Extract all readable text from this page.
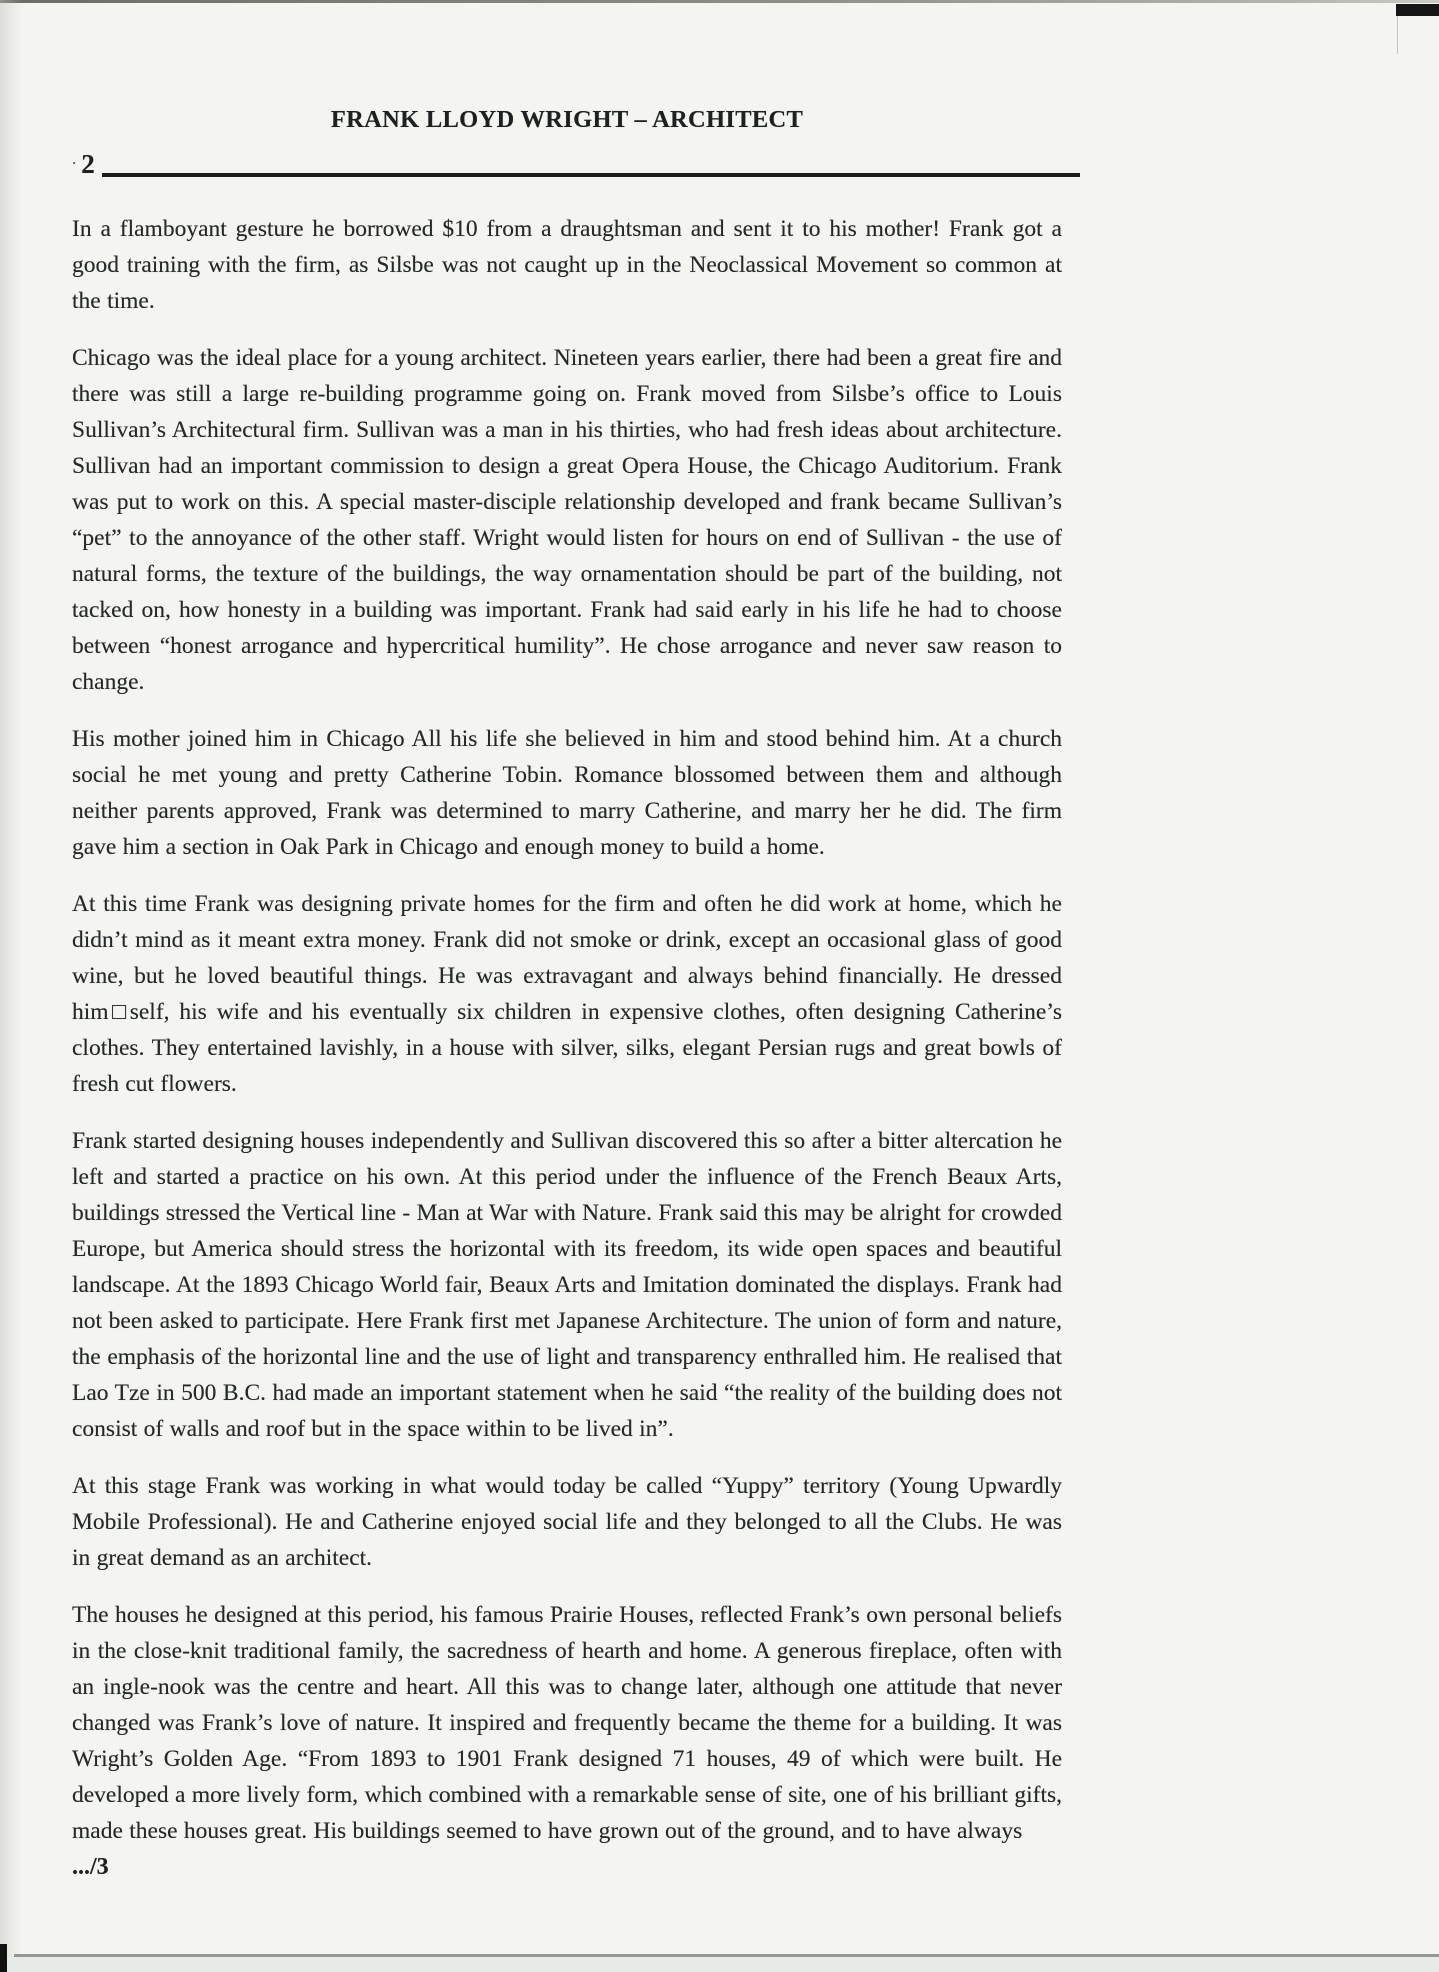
FRANK LLOYD WRIGHT – ARCHITECT
. 2

In a flamboyant gesture he borrowed $10 from a draughtsman and sent it to his mother! Frank got a good training with the firm, as Silsbe was not caught up in the Neoclassical Movement so common at the time.

Chicago was the ideal place for a young architect. Nineteen years earlier, there had been a great fire and there was still a large re-building programme going on. Frank moved from Silsbe’s office to Louis Sullivan’s Architectural firm. Sullivan was a man in his thirties, who had fresh ideas about architecture. Sullivan had an important commission to design a great Opera House, the Chicago Auditorium. Frank was put to work on this. A special master-disciple relationship developed and frank became Sullivan’s “pet” to the annoyance of the other staff. Wright would listen for hours on end of Sullivan - the use of natural forms, the texture of the buildings, the way ornamentation should be part of the building, not tacked on, how honesty in a building was important. Frank had said early in his life he had to choose between “honest arrogance and hypercritical humility”. He chose arrogance and never saw reason to change.

His mother joined him in Chicago All his life she believed in him and stood behind him. At a church social he met young and pretty Catherine Tobin. Romance blossomed between them and although neither parents approved, Frank was determined to marry Catherine, and marry her he did. The firm gave him a section in Oak Park in Chicago and enough money to build a home.

At this time Frank was designing private homes for the firm and often he did work at home, which he didn’t mind as it meant extra money. Frank did not smoke or drink, except an occasional glass of good wine, but he loved beautiful things. He was extravagant and always behind financially. He dressed him□self, his wife and his eventually six children in expensive clothes, often designing Catherine’s clothes. They entertained lavishly, in a house with silver, silks, elegant Persian rugs and great bowls of fresh cut flowers.

Frank started designing houses independently and Sullivan discovered this so after a bitter altercation he left and started a practice on his own. At this period under the influence of the French Beaux Arts, buildings stressed the Vertical line - Man at War with Nature. Frank said this may be alright for crowded Europe, but America should stress the horizontal with its freedom, its wide open spaces and beautiful landscape. At the 1893 Chicago World fair, Beaux Arts and Imitation dominated the displays. Frank had not been asked to participate. Here Frank first met Japanese Architecture. The union of form and nature, the emphasis of the horizontal line and the use of light and transparency enthralled him. He realised that Lao Tze in 500 B.C. had made an important statement when he said “the reality of the building does not consist of walls and roof but in the space within to be lived in”.

At this stage Frank was working in what would today be called “Yuppy” territory (Young Upwardly Mobile Professional). He and Catherine enjoyed social life and they belonged to all the Clubs. He was in great demand as an architect.

The houses he designed at this period, his famous Prairie Houses, reflected Frank’s own personal beliefs in the close-knit traditional family, the sacredness of hearth and home. A generous fireplace, often with an ingle-nook was the centre and heart. All this was to change later, although one attitude that never changed was Frank’s love of nature. It inspired and frequently became the theme for a building. It was Wright’s Golden Age. “From 1893 to 1901 Frank designed 71 houses, 49 of which were built. He developed a more lively form, which combined with a remarkable sense of site, one of his brilliant gifts, made these houses great. His buildings seemed to have grown out of the ground, and to have always

.../3
